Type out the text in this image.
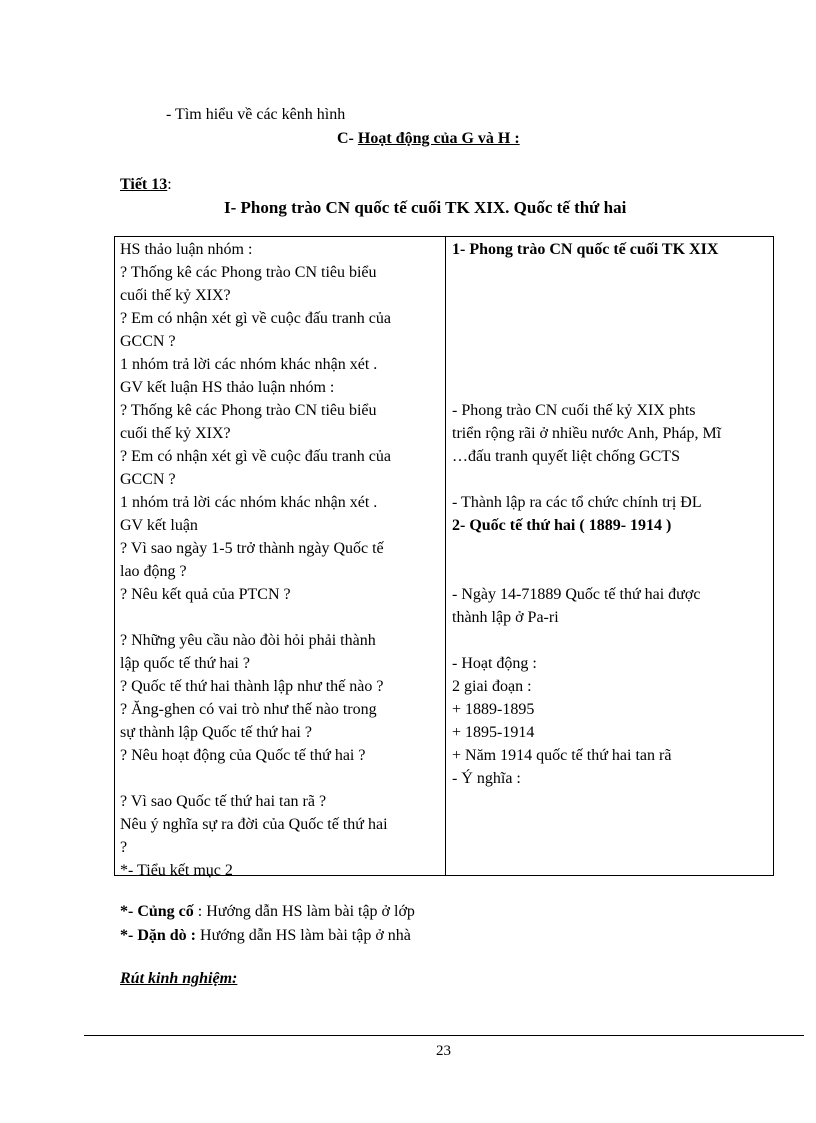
- Tìm hiểu về các kênh hình
C- Hoạt động của G và H :
Tiết 13:
I- Phong trào CN quốc tế cuối TK XIX. Quốc tế thứ hai
HS thảo luận nhóm :
? Thống kê các Phong trào CN tiêu biểu
cuối thế kỷ XIX?
? Em có nhận xét gì về cuộc đấu tranh của
GCCN ?
1 nhóm trả lời các nhóm khác nhận xét .
GV kết luận HS thảo luận nhóm :
? Thống kê các Phong trào CN tiêu biểu
cuối thế kỷ XIX?
? Em có nhận xét gì về cuộc đấu tranh của
GCCN ?
1 nhóm trả lời các nhóm khác nhận xét .
GV kết luận
? Vì sao ngày 1-5 trở thành ngày Quốc tế
lao động ?
? Nêu kết quả của PTCN ?
? Những yêu cầu nào đòi hỏi phải thành
lập quốc tế thứ hai ?
? Quốc tế thứ hai thành lập như thế nào ?
? Ăng-ghen có vai trò như thế nào trong
sự thành lập Quốc tế thứ hai ?
? Nêu hoạt động của Quốc tế thứ hai ?
? Vì sao Quốc tế thứ hai tan rã ?
Nêu ý nghĩa sự ra đời của Quốc tế thứ hai
?
*- Tiểu kết mục 2
1- Phong trào CN quốc tế cuối TK XIX
- Phong trào CN cuối thế kỷ XIX phts
triển rộng rãi ở nhiều nước Anh, Pháp, Mĩ
…đấu tranh quyết liệt chống GCTS
- Thành lập ra các tổ chức chính trị ĐL
2- Quốc tế thứ hai ( 1889- 1914 )
- Ngày 14-71889 Quốc tế thứ hai được
thành lập ở Pa-ri
- Hoạt động :
2 giai đoạn :
+ 1889-1895
+ 1895-1914
+ Năm 1914 quốc tế thứ hai tan rã
- Ý nghĩa :
*- Củng cố : Hướng dẫn HS làm bài tập ở lớp
*- Dặn dò : Hướng dẫn HS làm bài tập ở nhà
Rút kinh nghiệm:
23
